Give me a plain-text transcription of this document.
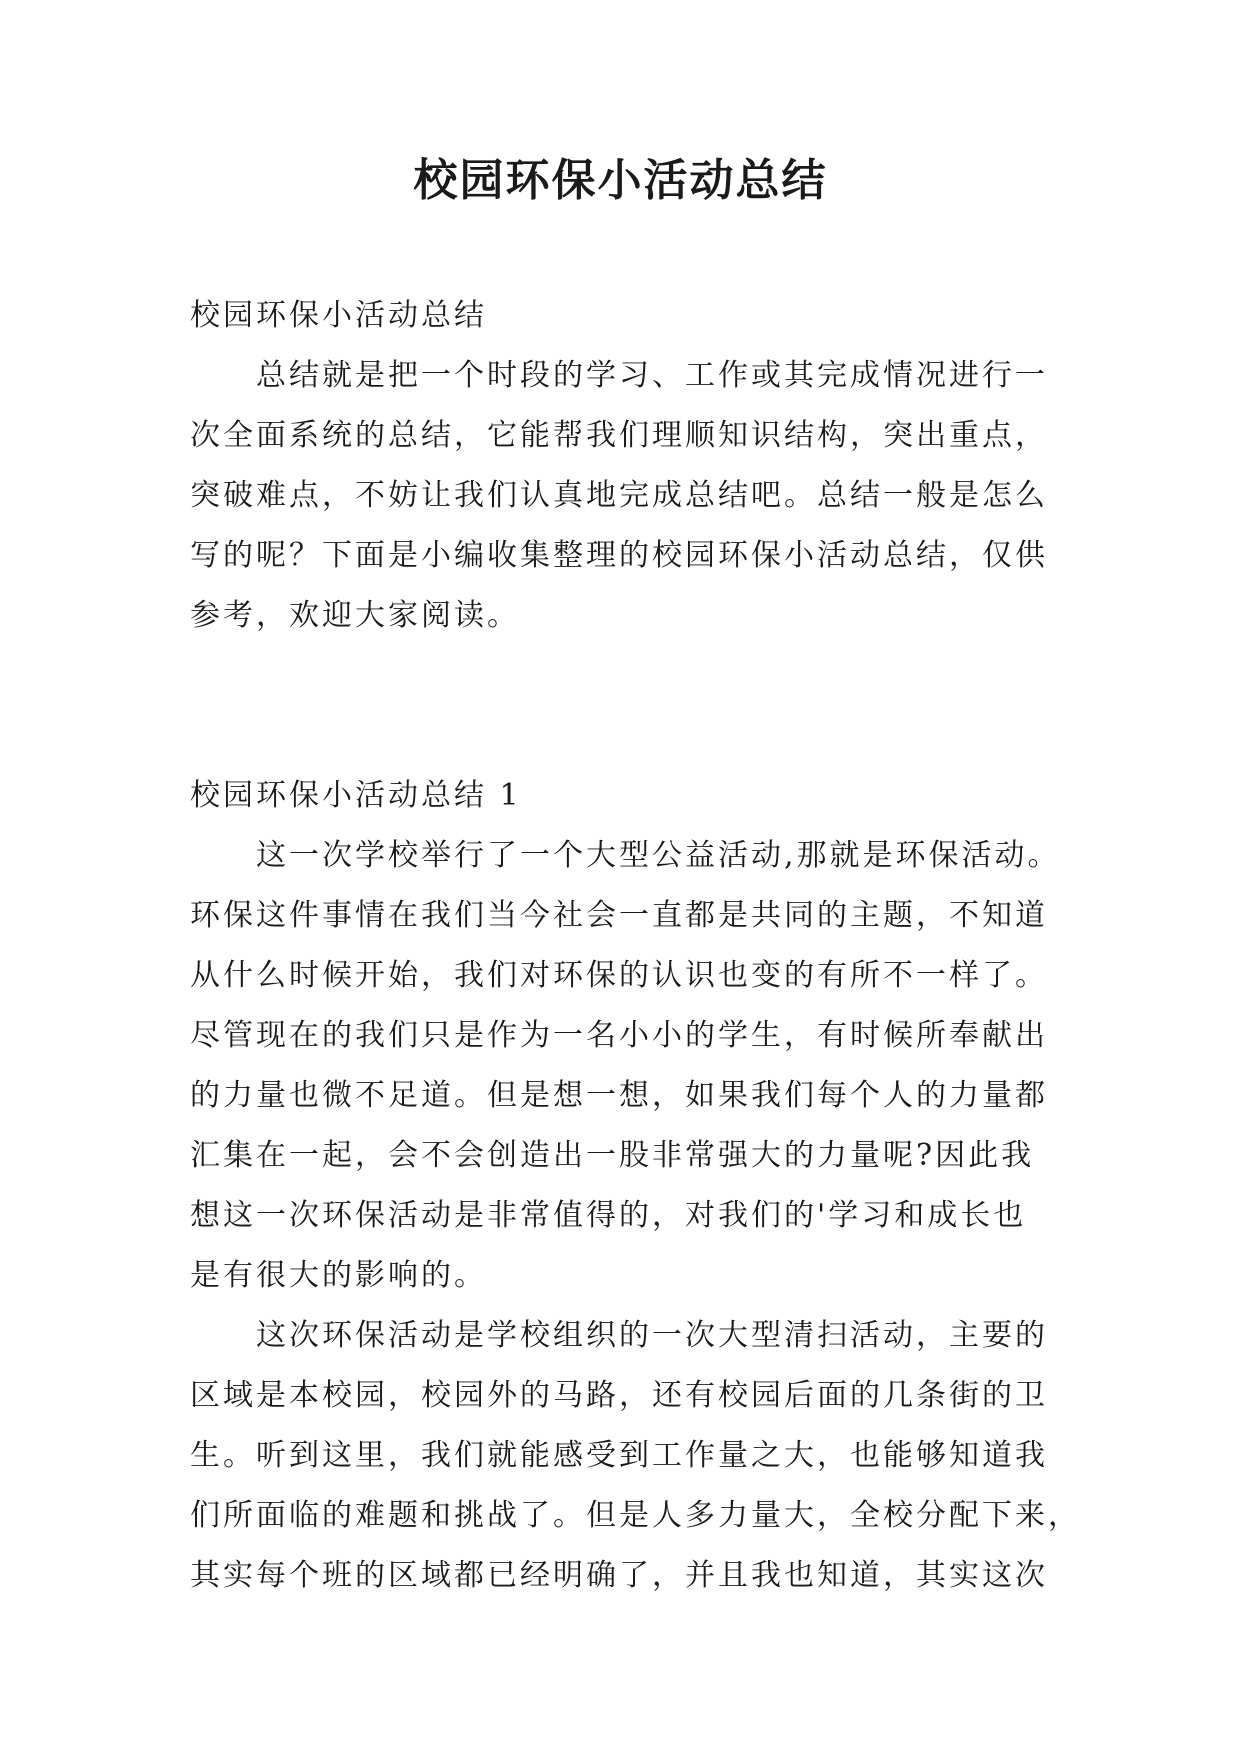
校园环保小活动总结

校园环保小活动总结

总结就是把一个时段的学习、工作或其完成情况进行一
次全面系统的总结，它能帮我们理顺知识结构，突出重点，
突破难点，不妨让我们认真地完成总结吧。总结一般是怎么
写的呢？下面是小编收集整理的校园环保小活动总结，仅供
参考，欢迎大家阅读。

校园环保小活动总结 1

这一次学校举行了一个大型公益活动,那就是环保活动。
环保这件事情在我们当今社会一直都是共同的主题，不知道
从什么时候开始，我们对环保的认识也变的有所不一样了。
尽管现在的我们只是作为一名小小的学生，有时候所奉献出
的力量也微不足道。但是想一想，如果我们每个人的力量都
汇集在一起，会不会创造出一股非常强大的力量呢?因此我
想这一次环保活动是非常值得的，对我们的'学习和成长也
是有很大的影响的。

这次环保活动是学校组织的一次大型清扫活动，主要的
区域是本校园，校园外的马路，还有校园后面的几条街的卫
生。听到这里，我们就能感受到工作量之大，也能够知道我
们所面临的难题和挑战了。但是人多力量大，全校分配下来，
其实每个班的区域都已经明确了，并且我也知道，其实这次
